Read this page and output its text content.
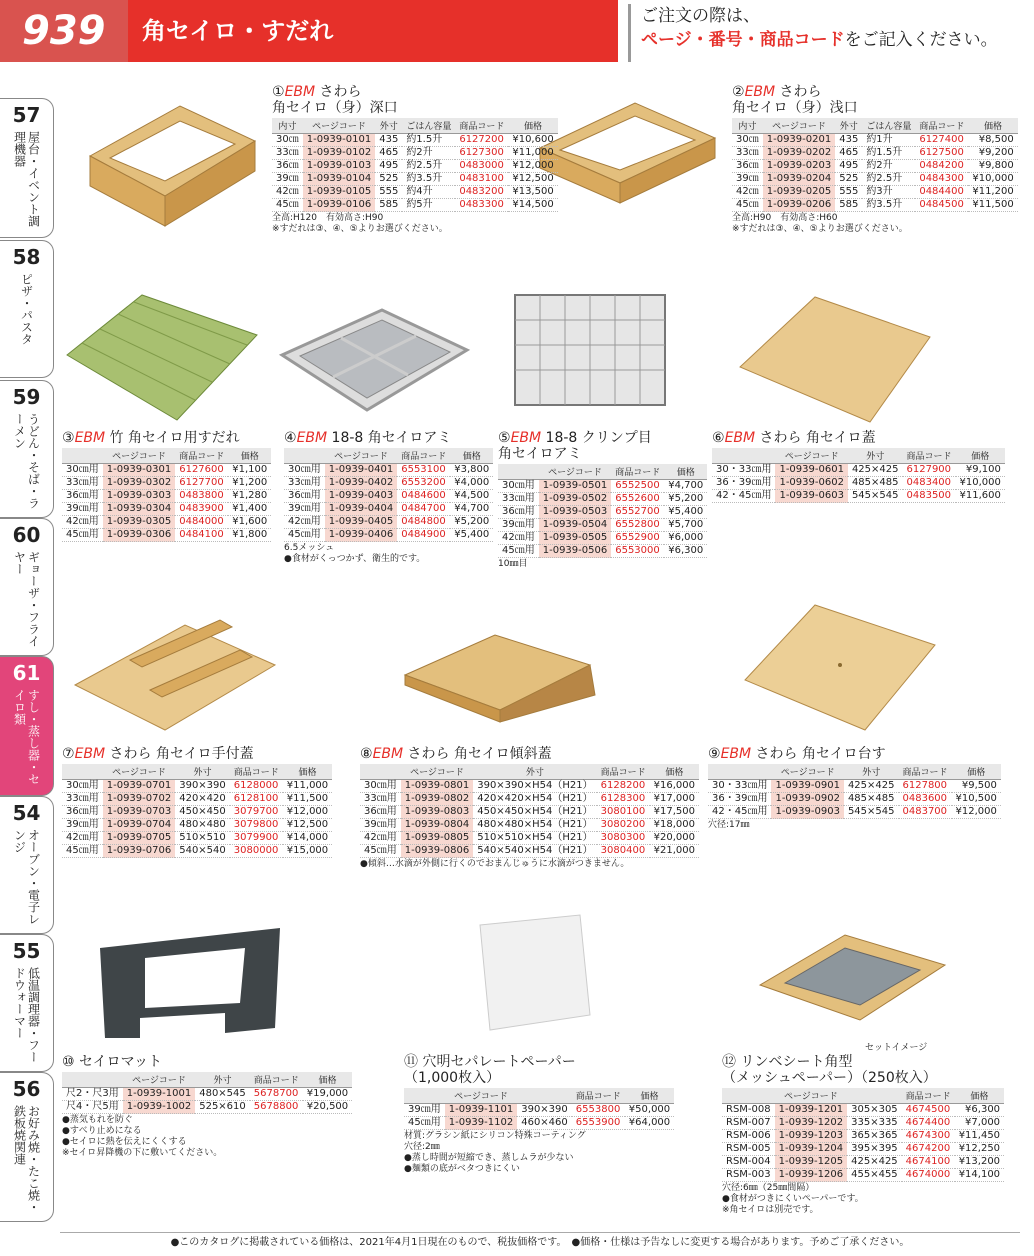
939	角セイロ・すだれ
ご注文の際は、
ページ・番号・商品コードをご記入ください。
57
屋台・イベント調理機器
58
ピザ・パスタ
59
うどん・そば・ラーメン
60
ギョーザ・フライヤー
61
すし・蒸し器・セイロ類
54
オーブン・電子レンジ
55
低温調理器・フードウォーマー
56
お好み焼・たこ焼・鉄板焼関連
セットイメージ
①EBM さわら
角セイロ（身）深口
内寸	ページコード	外寸	ごはん容量	商品コード	価格
30㎝	1-0939-0101	435	約1.5升	6127200	¥10,600
33㎝	1-0939-0102	465	約2升	6127300	¥11,000
36㎝	1-0939-0103	495	約2.5升	0483000	¥12,000
39㎝	1-0939-0104	525	約3.5升	0483100	¥12,500
42㎝	1-0939-0105	555	約4升	0483200	¥13,500
45㎝	1-0939-0106	585	約5升	0483300	¥14,500
全高:H120　有効高さ:H90
※すだれは③、④、⑤よりお選びください。
②EBM さわら
角セイロ（身）浅口
内寸	ページコード	外寸	ごはん容量	商品コード	価格
30㎝	1-0939-0201	435	約1升	6127400	¥8,500
33㎝	1-0939-0202	465	約1.5升	6127500	¥9,200
36㎝	1-0939-0203	495	約2升	0484200	¥9,800
39㎝	1-0939-0204	525	約2.5升	0484300	¥10,000
42㎝	1-0939-0205	555	約3升	0484400	¥11,200
45㎝	1-0939-0206	585	約3.5升	0484500	¥11,500
全高:H90　有効高さ:H60
※すだれは③、④、⑤よりお選びください。
③EBM 竹 角セイロ用すだれ
	ページコード	商品コード	価格
30㎝用	1-0939-0301	6127600	¥1,100
33㎝用	1-0939-0302	6127700	¥1,200
36㎝用	1-0939-0303	0483800	¥1,280
39㎝用	1-0939-0304	0483900	¥1,400
42㎝用	1-0939-0305	0484000	¥1,600
45㎝用	1-0939-0306	0484100	¥1,800
④EBM 18-8 角セイロアミ
	ページコード	商品コード	価格
30㎝用	1-0939-0401	6553100	¥3,800
33㎝用	1-0939-0402	6553200	¥4,000
36㎝用	1-0939-0403	0484600	¥4,500
39㎝用	1-0939-0404	0484700	¥4,700
42㎝用	1-0939-0405	0484800	¥5,200
45㎝用	1-0939-0406	0484900	¥5,400
6.5メッシュ
●食材がくっつかず、衛生的です。
⑤EBM 18-8 クリンプ目
角セイロアミ
	ページコード	商品コード	価格
30㎝用	1-0939-0501	6552500	¥4,700
33㎝用	1-0939-0502	6552600	¥5,200
36㎝用	1-0939-0503	6552700	¥5,400
39㎝用	1-0939-0504	6552800	¥5,700
42㎝用	1-0939-0505	6552900	¥6,000
45㎝用	1-0939-0506	6553000	¥6,300
10㎜目
⑥EBM さわら 角セイロ蓋
	ページコード	外寸	商品コード	価格
30・33㎝用	1-0939-0601	425×425	6127900	¥9,100
36・39㎝用	1-0939-0602	485×485	0483400	¥10,000
42・45㎝用	1-0939-0603	545×545	0483500	¥11,600
⑦EBM さわら 角セイロ手付蓋
	ページコード	外寸	商品コード	価格
30㎝用	1-0939-0701	390×390	6128000	¥11,000
33㎝用	1-0939-0702	420×420	6128100	¥11,500
36㎝用	1-0939-0703	450×450	3079700	¥12,000
39㎝用	1-0939-0704	480×480	3079800	¥12,500
42㎝用	1-0939-0705	510×510	3079900	¥14,000
45㎝用	1-0939-0706	540×540	3080000	¥15,000
⑧EBM さわら 角セイロ傾斜蓋
	ページコード	外寸	商品コード	価格
30㎝用	1-0939-0801	390×390×H54（H21）	6128200	¥16,000
33㎝用	1-0939-0802	420×420×H54（H21）	6128300	¥17,000
36㎝用	1-0939-0803	450×450×H54（H21）	3080100	¥17,500
39㎝用	1-0939-0804	480×480×H54（H21）	3080200	¥18,000
42㎝用	1-0939-0805	510×510×H54（H21）	3080300	¥20,000
45㎝用	1-0939-0806	540×540×H54（H21）	3080400	¥21,000
●傾斜…水滴が外側に行くのでおまんじゅうに水滴がつきません。
⑨EBM さわら 角セイロ台す
	ページコード	外寸	商品コード	価格
30・33㎝用	1-0939-0901	425×425	6127800	¥9,500
36・39㎝用	1-0939-0902	485×485	0483600	¥10,500
42・45㎝用	1-0939-0903	545×545	0483700	¥12,000
穴径:17㎜
⑩ セイロマット
	ページコード	外寸	商品コード	価格
尺2・尺3用	1-0939-1001	480×545	5678700	¥19,000
尺4・尺5用	1-0939-1002	525×610	5678800	¥20,500
●蒸気もれを防ぐ
●すべり止めになる
●セイロに熱を伝えにくくする
※セイロ昇降機の下に敷いてください。
⑪ 穴明セパレートペーパー
（1,000枚入）
	ページコード		商品コード	価格
39㎝用	1-0939-1101	390×390	6553800	¥50,000
45㎝用	1-0939-1102	460×460	6553900	¥64,000
材質:グラシン紙にシリコン特殊コーティング
穴径:2㎜
●蒸し時間が短縮でき、蒸しムラが少ない
●麺類の底がベタつきにくい
⑫ リンベシート角型
（メッシュペーパー）（250枚入）
	ページコード		商品コード	価格
RSM-008	1-0939-1201	305×305	4674500	¥6,300
RSM-007	1-0939-1202	335×335	4674400	¥7,000
RSM-006	1-0939-1203	365×365	4674300	¥11,450
RSM-005	1-0939-1204	395×395	4674200	¥12,250
RSM-004	1-0939-1205	425×425	4674100	¥13,200
RSM-003	1-0939-1206	455×455	4674000	¥14,100
穴径:6㎜（25㎜間隔）
●食材がつきにくいペーパーです。
※角セイロは別売です。
●このカタログに掲載されている価格は、2021年4月1日現在のもので、税抜価格です。　●価格・仕様は予告なしに変更する場合があります。予めご了承ください。
